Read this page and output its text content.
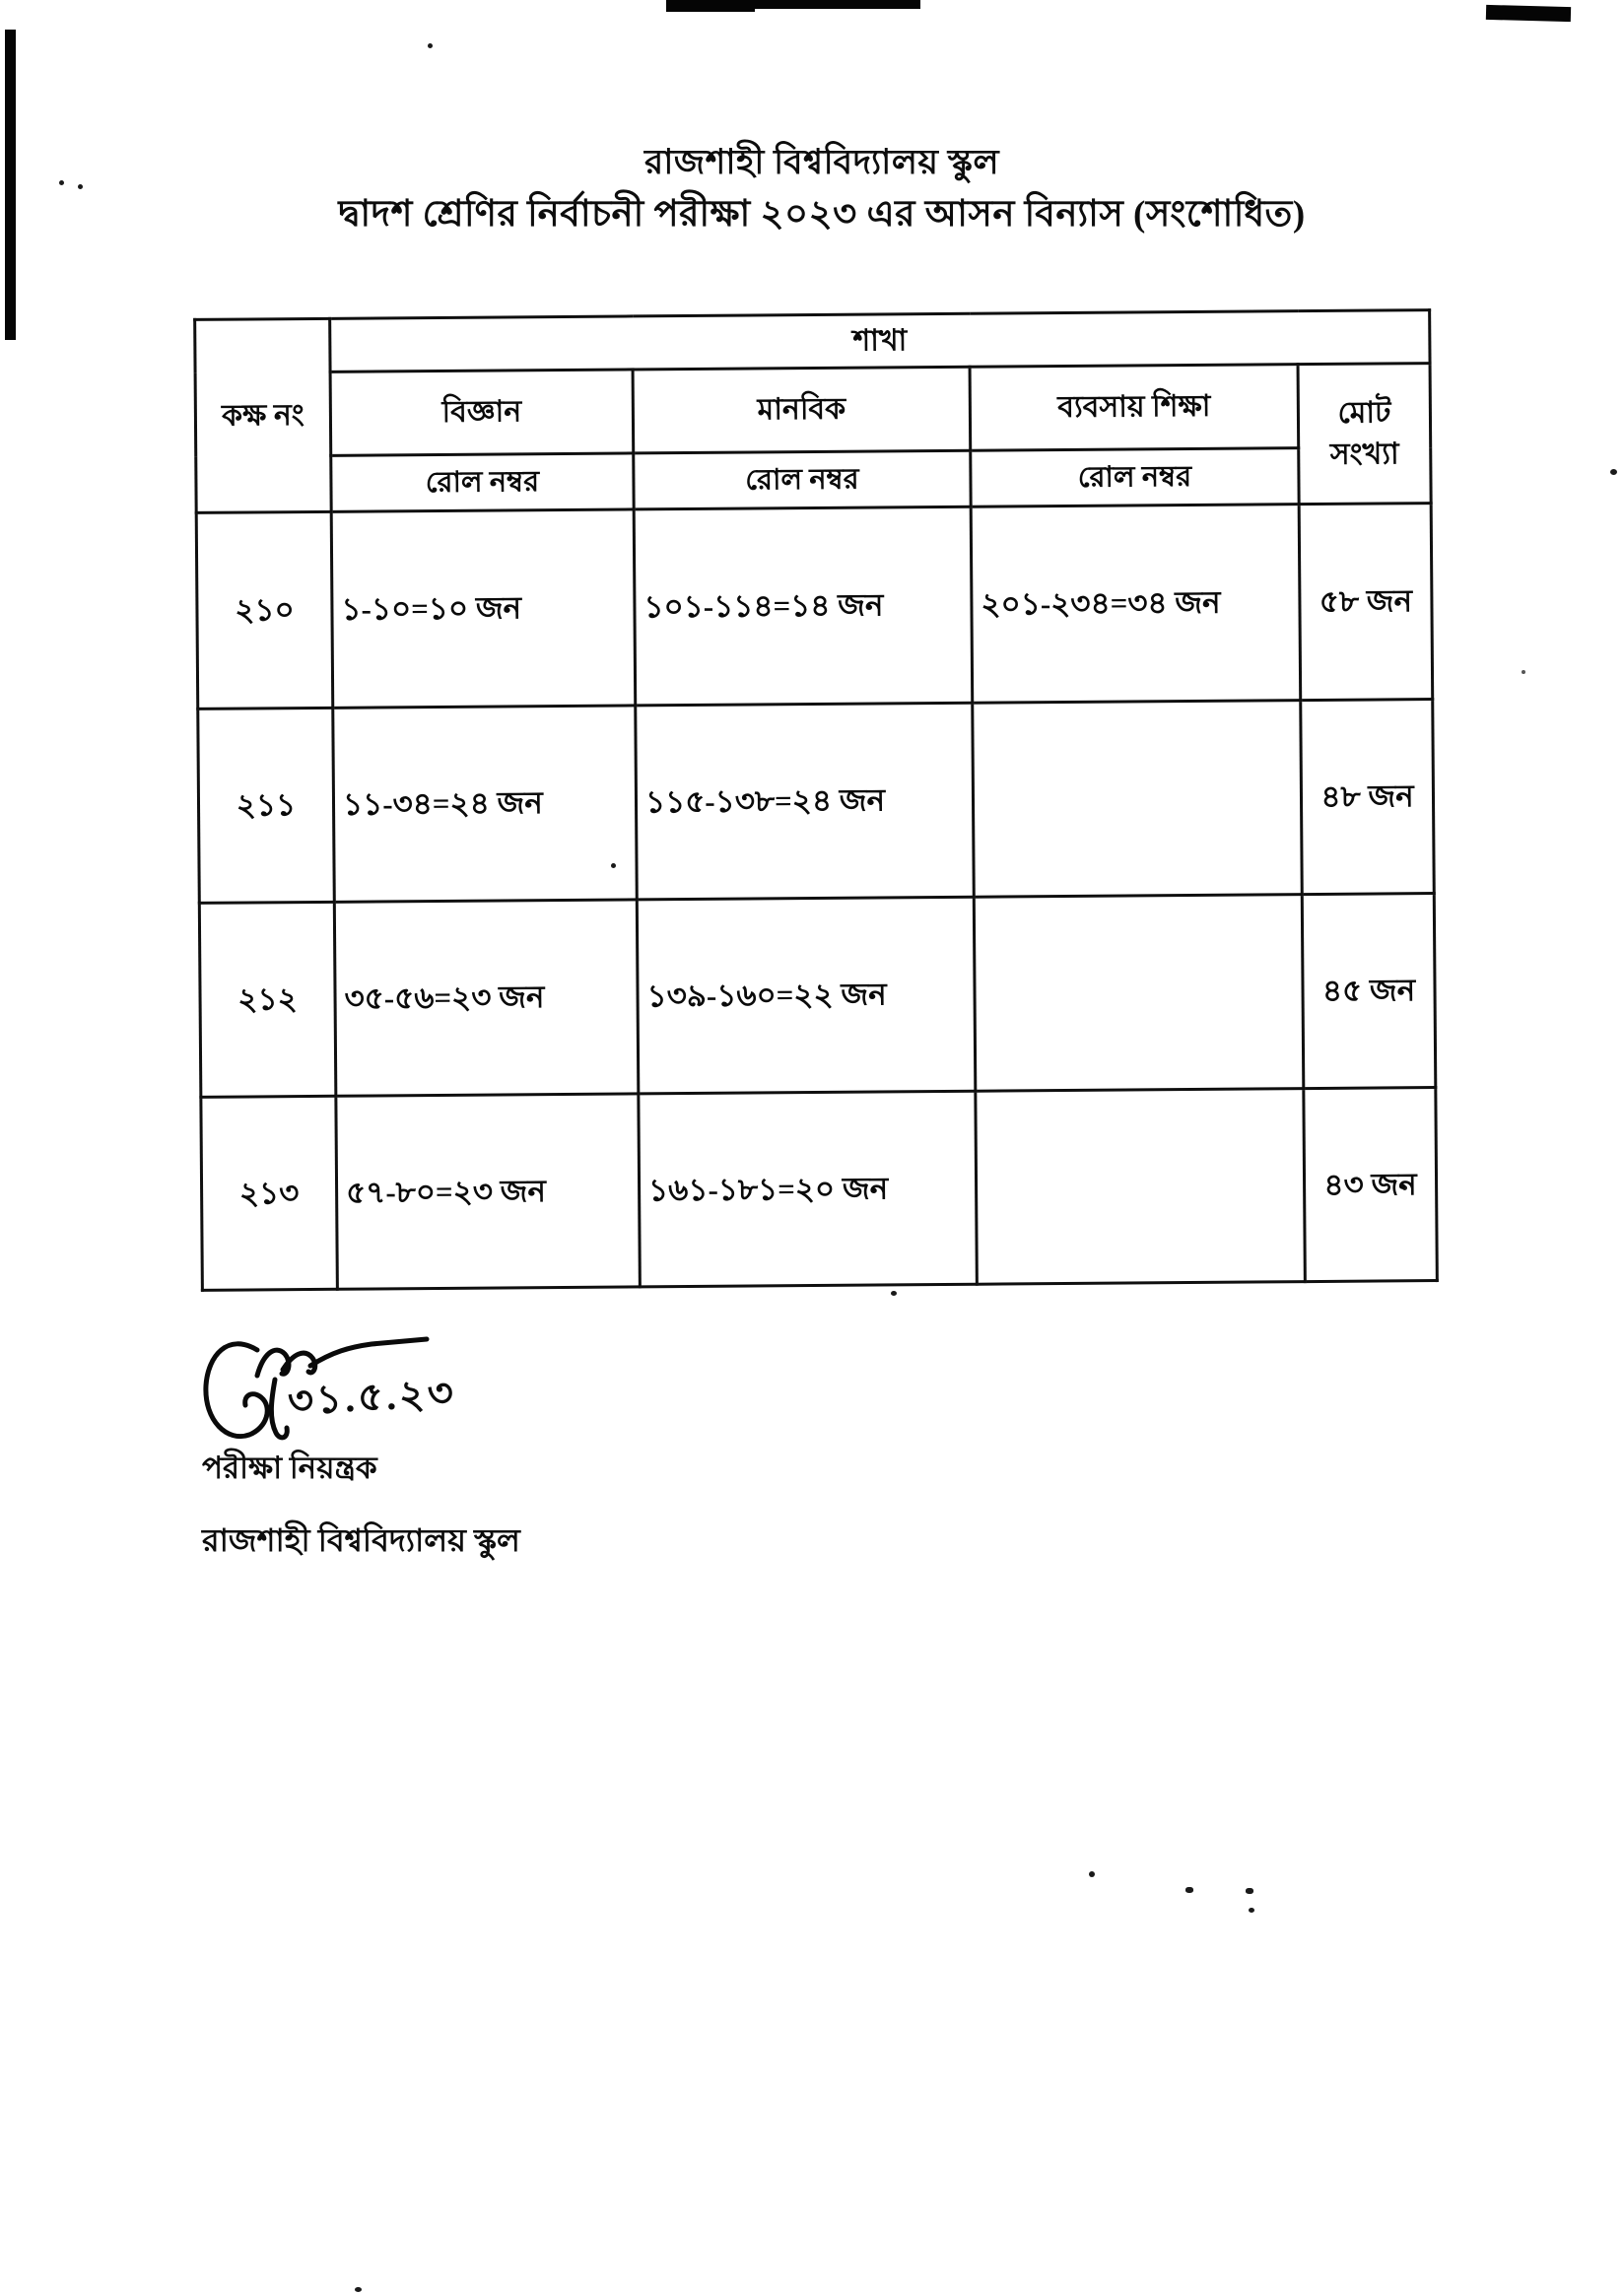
রাজশাহী বিশ্ববিদ্যালয় স্কুল
দ্বাদশ শ্রেণির নির্বাচনী পরীক্ষা ২০২৩ এর আসন বিন্যাস (সংশোধিত)
কক্ষ নং	শাখা			
	বিজ্ঞান	মানবিক	ব্যবসায় শিক্ষা	মোট সংখ্যা
	রোল নম্বর	রোল নম্বর	রোল নম্বর	
২১০	১-১০=১০ জন	১০১-১১৪=১৪ জন	২০১-২৩৪=৩৪ জন	৫৮ জন
২১১	১১-৩৪=২৪ জন	১১৫-১৩৮=২৪ জন		৪৮ জন
২১২	৩৫-৫৬=২৩ জন	১৩৯-১৬০=২২ জন		৪৫ জন
২১৩	৫৭-৮০=২৩ জন	১৬১-১৮১=২০ জন		৪৩ জন
৩১.৫.২৩
পরীক্ষা নিয়ন্ত্রক
রাজশাহী বিশ্ববিদ্যালয় স্কুল
